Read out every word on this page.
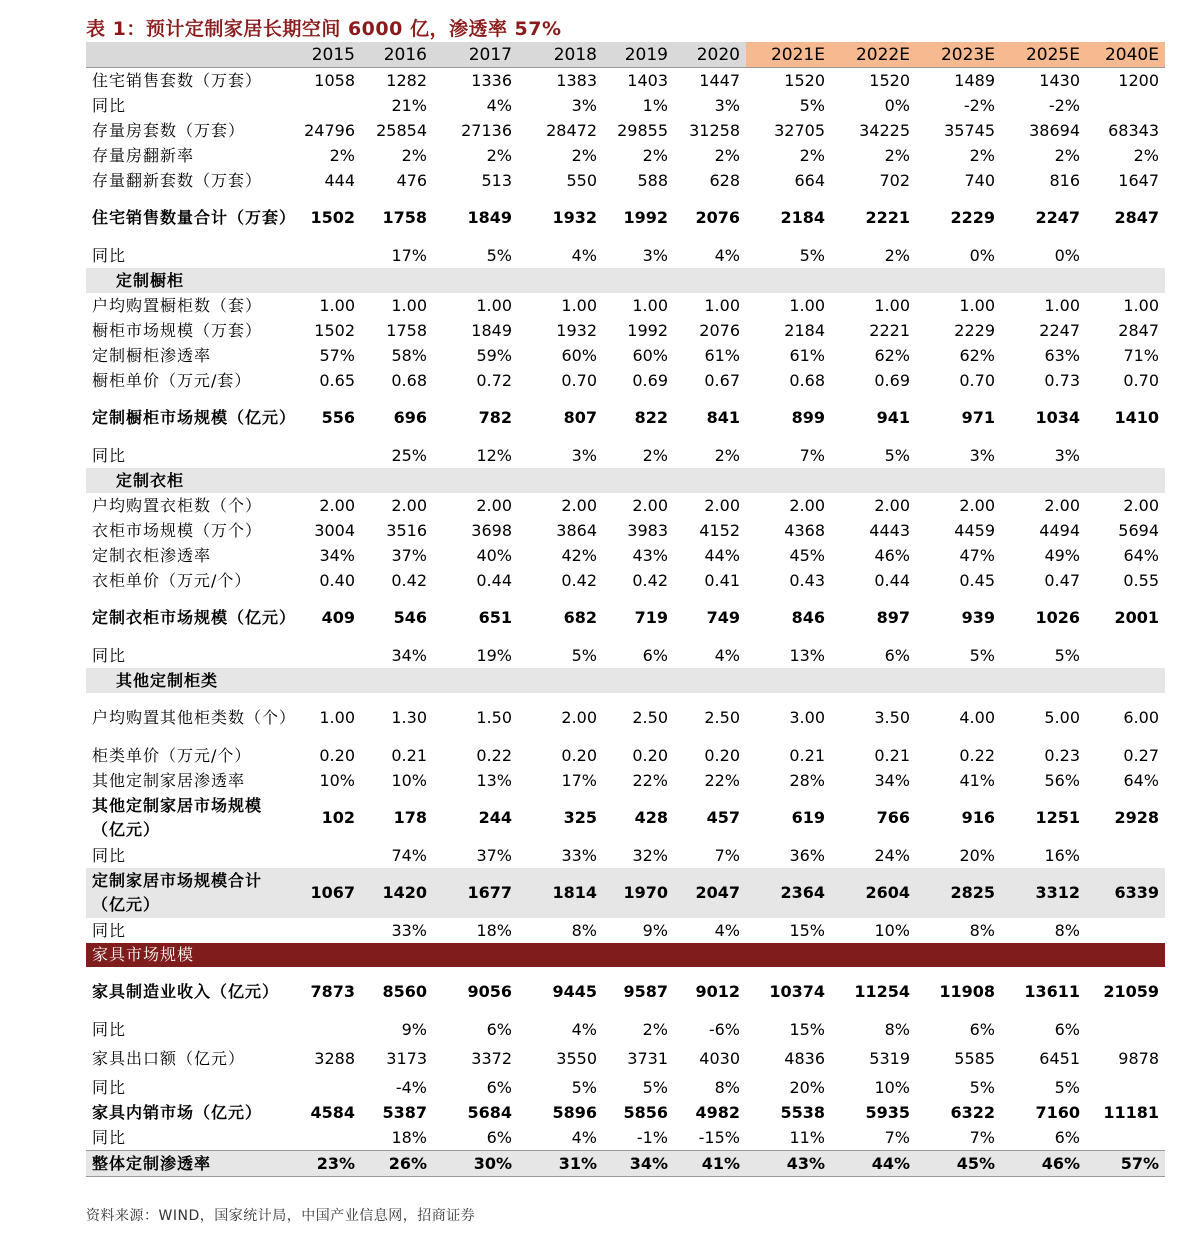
表 1：预计定制家居长期空间 6000 亿，渗透率 57%
	2015	2016	2017	2018	2019	2020	2021E	2022E	2023E	2025E	2040E
住宅销售套数（万套）	1058	1282	1336	1383	1403	1447	1520	1520	1489	1430	1200
同比		21%	4%	3%	1%	3%	5%	0%	-2%	-2%	
存量房套数（万套）	24796	25854	27136	28472	29855	31258	32705	34225	35745	38694	68343
存量房翻新率	2%	2%	2%	2%	2%	2%	2%	2%	2%	2%	2%
存量翻新套数（万套）	444	476	513	550	588	628	664	702	740	816	1647
住宅销售数量合计（万套）	1502	1758	1849	1932	1992	2076	2184	2221	2229	2247	2847
同比		17%	5%	4%	3%	4%	5%	2%	0%	0%	
定制橱柜											
户均购置橱柜数（套）	1.00	1.00	1.00	1.00	1.00	1.00	1.00	1.00	1.00	1.00	1.00
橱柜市场规模（万套）	1502	1758	1849	1932	1992	2076	2184	2221	2229	2247	2847
定制橱柜渗透率	57%	58%	59%	60%	60%	61%	61%	62%	62%	63%	71%
橱柜单价（万元/套）	0.65	0.68	0.72	0.70	0.69	0.67	0.68	0.69	0.70	0.73	0.70
定制橱柜市场规模（亿元）	556	696	782	807	822	841	899	941	971	1034	1410
同比		25%	12%	3%	2%	2%	7%	5%	3%	3%	
定制衣柜											
户均购置衣柜数（个）	2.00	2.00	2.00	2.00	2.00	2.00	2.00	2.00	2.00	2.00	2.00
衣柜市场规模（万个）	3004	3516	3698	3864	3983	4152	4368	4443	4459	4494	5694
定制衣柜渗透率	34%	37%	40%	42%	43%	44%	45%	46%	47%	49%	64%
衣柜单价（万元/个）	0.40	0.42	0.44	0.42	0.42	0.41	0.43	0.44	0.45	0.47	0.55
定制衣柜市场规模（亿元）	409	546	651	682	719	749	846	897	939	1026	2001
同比		34%	19%	5%	6%	4%	13%	6%	5%	5%	
其他定制柜类											
户均购置其他柜类数（个）	1.00	1.30	1.50	2.00	2.50	2.50	3.00	3.50	4.00	5.00	6.00
柜类单价（万元/个）	0.20	0.21	0.22	0.20	0.20	0.20	0.21	0.21	0.22	0.23	0.27
其他定制家居渗透率	10%	10%	13%	17%	22%	22%	28%	34%	41%	56%	64%
其他定制家居市场规模（亿元）	102	178	244	325	428	457	619	766	916	1251	2928
同比		74%	37%	33%	32%	7%	36%	24%	20%	16%	
定制家居市场规模合计（亿元）	1067	1420	1677	1814	1970	2047	2364	2604	2825	3312	6339
同比		33%	18%	8%	9%	4%	15%	10%	8%	8%	
家具市场规模											
家具制造业收入（亿元）	7873	8560	9056	9445	9587	9012	10374	11254	11908	13611	21059
同比		9%	6%	4%	2%	-6%	15%	8%	6%	6%	
家具出口额（亿元）	3288	3173	3372	3550	3731	4030	4836	5319	5585	6451	9878
同比		-4%	6%	5%	5%	8%	20%	10%	5%	5%	
家具内销市场（亿元）	4584	5387	5684	5896	5856	4982	5538	5935	6322	7160	11181
同比		18%	6%	4%	-1%	-15%	11%	7%	7%	6%	
整体定制渗透率	23%	26%	30%	31%	34%	41%	43%	44%	45%	46%	57%
资料来源：WIND，国家统计局，中国产业信息网，招商证券
